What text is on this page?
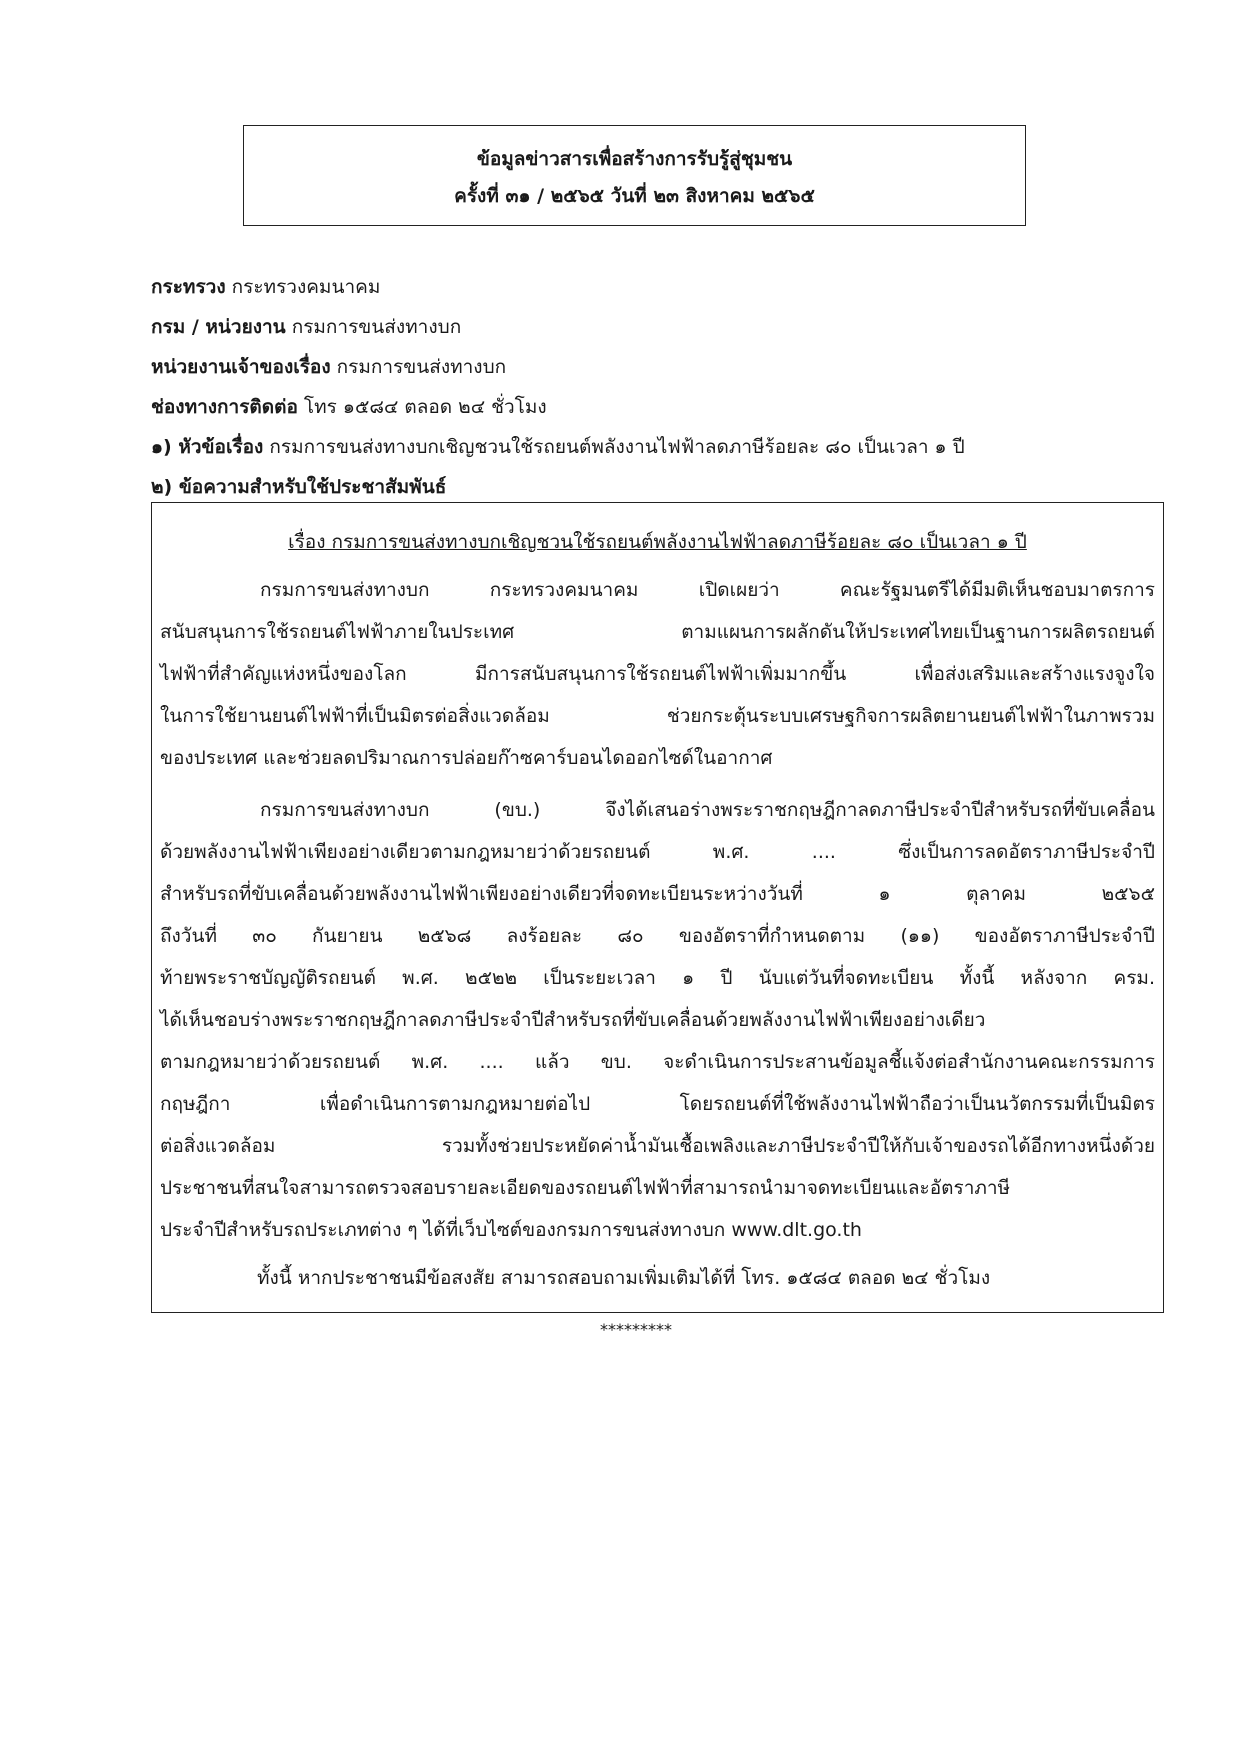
ข้อมูลข่าวสารเพื่อสร้างการรับรู้สู่ชุมชน
ครั้งที่ ๓๑ / ๒๕๖๕ วันที่ ๒๓ สิงหาคม ๒๕๖๕
กระทรวง กระทรวงคมนาคม
กรม / หน่วยงาน กรมการขนส่งทางบก
หน่วยงานเจ้าของเรื่อง กรมการขนส่งทางบก
ช่องทางการติดต่อ โทร ๑๕๘๔ ตลอด ๒๔ ชั่วโมง
๑) หัวข้อเรื่อง กรมการขนส่งทางบกเชิญชวนใช้รถยนต์พลังงานไฟฟ้าลดภาษีร้อยละ ๘๐ เป็นเวลา ๑ ปี
๒) ข้อความสำหรับใช้ประชาสัมพันธ์
เรื่อง กรมการขนส่งทางบกเชิญชวนใช้รถยนต์พลังงานไฟฟ้าลดภาษีร้อยละ ๘๐ เป็นเวลา ๑ ปี
กรมการขนส่งทางบก กระทรวงคมนาคม เปิดเผยว่า คณะรัฐมนตรีได้มีมติเห็นชอบมาตรการ
สนับสนุนการใช้รถยนต์ไฟฟ้าภายในประเทศ ตามแผนการผลักดันให้ประเทศไทยเป็นฐานการผลิตรถยนต์
ไฟฟ้าที่สำคัญแห่งหนึ่งของโลก มีการสนับสนุนการใช้รถยนต์ไฟฟ้าเพิ่มมากขึ้น เพื่อส่งเสริมและสร้างแรงจูงใจ
ในการใช้ยานยนต์ไฟฟ้าที่เป็นมิตรต่อสิ่งแวดล้อม ช่วยกระตุ้นระบบเศรษฐกิจการผลิตยานยนต์ไฟฟ้าในภาพรวม
ของประเทศ และช่วยลดปริมาณการปล่อยก๊าซคาร์บอนไดออกไซด์ในอากาศ
กรมการขนส่งทางบก (ขบ.) จึงได้เสนอร่างพระราชกฤษฎีกาลดภาษีประจำปีสำหรับรถที่ขับเคลื่อน
ด้วยพลังงานไฟฟ้าเพียงอย่างเดียวตามกฎหมายว่าด้วยรถยนต์ พ.ศ. .... ซึ่งเป็นการลดอัตราภาษีประจำปี
สำหรับรถที่ขับเคลื่อนด้วยพลังงานไฟฟ้าเพียงอย่างเดียวที่จดทะเบียนระหว่างวันที่ ๑ ตุลาคม ๒๕๖๕
ถึงวันที่ ๓๐ กันยายน ๒๕๖๘ ลงร้อยละ ๘๐ ของอัตราที่กำหนดตาม (๑๑) ของอัตราภาษีประจำปี
ท้ายพระราชบัญญัติรถยนต์ พ.ศ. ๒๕๒๒ เป็นระยะเวลา ๑ ปี นับแต่วันที่จดทะเบียน ทั้งนี้ หลังจาก ครม.
ได้เห็นชอบร่างพระราชกฤษฎีกาลดภาษีประจำปีสำหรับรถที่ขับเคลื่อนด้วยพลังงานไฟฟ้าเพียงอย่างเดียว
ตามกฎหมายว่าด้วยรถยนต์ พ.ศ. .... แล้ว ขบ. จะดำเนินการประสานข้อมูลชี้แจ้งต่อสำนักงานคณะกรรมการ
กฤษฎีกา เพื่อดำเนินการตามกฎหมายต่อไป โดยรถยนต์ที่ใช้พลังงานไฟฟ้าถือว่าเป็นนวัตกรรมที่เป็นมิตร
ต่อสิ่งแวดล้อม รวมทั้งช่วยประหยัดค่าน้ำมันเชื้อเพลิงและภาษีประจำปีให้กับเจ้าของรถได้อีกทางหนึ่งด้วย
ประชาชนที่สนใจสามารถตรวจสอบรายละเอียดของรถยนต์ไฟฟ้าที่สามารถนำมาจดทะเบียนและอัตราภาษี
ประจำปีสำหรับรถประเภทต่าง ๆ ได้ที่เว็บไซต์ของกรมการขนส่งทางบก www.dlt.go.th
ทั้งนี้ หากประชาชนมีข้อสงสัย สามารถสอบถามเพิ่มเติมได้ที่ โทร. ๑๕๘๔ ตลอด ๒๔ ชั่วโมง
*********
